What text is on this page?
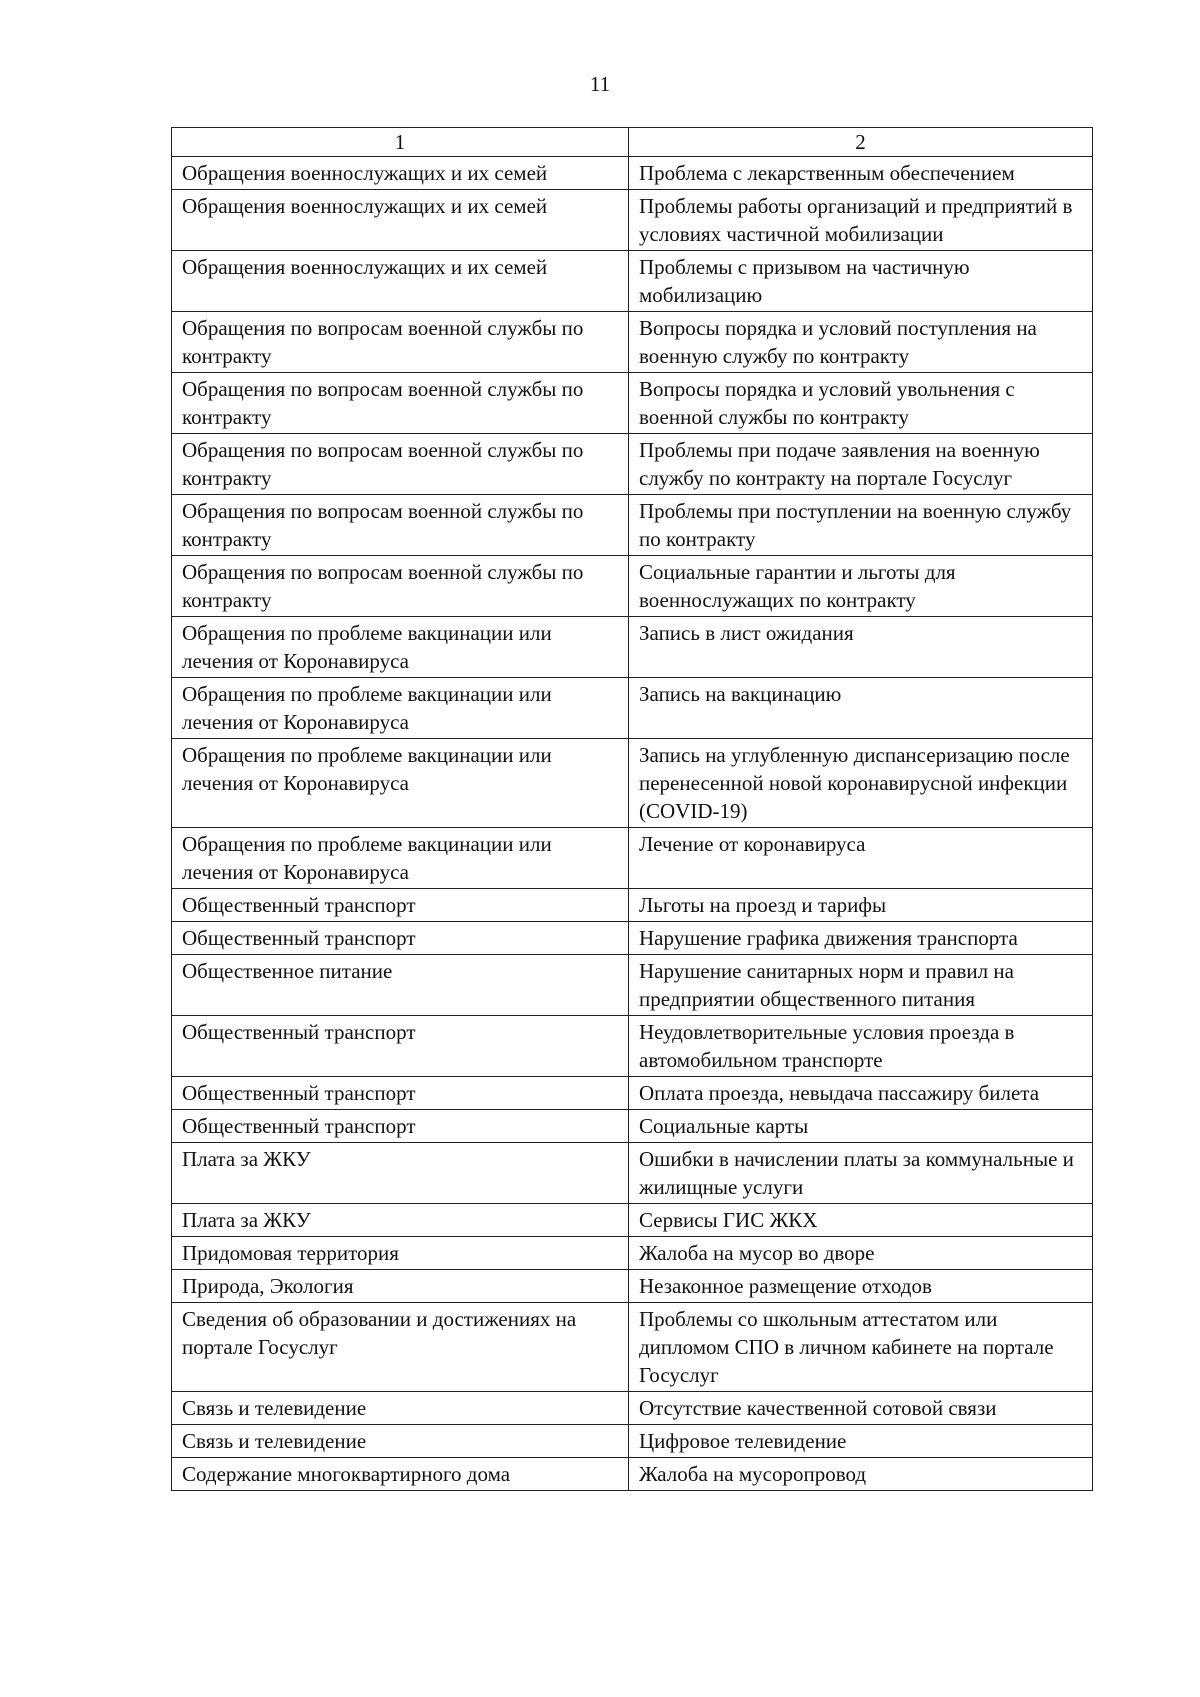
11
1	2
Обращения военнослужащих и их семей	Проблема с лекарственным обеспечением
Обращения военнослужащих и их семей	Проблемы работы организаций и предприятий в условиях частичной мобилизации
Обращения военнослужащих и их семей	Проблемы с призывом на частичную мобилизацию
Обращения по вопросам военной службы по контракту	Вопросы порядка и условий поступления на военную службу по контракту
Обращения по вопросам военной службы по контракту	Вопросы порядка и условий увольнения с военной службы по контракту
Обращения по вопросам военной службы по контракту	Проблемы при подаче заявления на военную службу по контракту на портале Госуслуг
Обращения по вопросам военной службы по контракту	Проблемы при поступлении на военную службу по контракту
Обращения по вопросам военной службы по контракту	Социальные гарантии и льготы для военнослужащих по контракту
Обращения по проблеме вакцинации или лечения от Коронавируса	Запись в лист ожидания
Обращения по проблеме вакцинации или лечения от Коронавируса	Запись на вакцинацию
Обращения по проблеме вакцинации или лечения от Коронавируса	Запись на углубленную диспансеризацию после перенесенной новой коронавирусной инфекции (COVID-19)
Обращения по проблеме вакцинации или лечения от Коронавируса	Лечение от коронавируса
Общественный транспорт	Льготы на проезд и тарифы
Общественный транспорт	Нарушение графика движения транспорта
Общественное питание	Нарушение санитарных норм и правил на предприятии общественного питания
Общественный транспорт	Неудовлетворительные условия проезда в автомобильном транспорте
Общественный транспорт	Оплата проезда, невыдача пассажиру билета
Общественный транспорт	Социальные карты
Плата за ЖКУ	Ошибки в начислении платы за коммунальные и жилищные услуги
Плата за ЖКУ	Сервисы ГИС ЖКХ
Придомовая территория	Жалоба на мусор во дворе
Природа, Экология	Незаконное размещение отходов
Сведения об образовании и достижениях на портале Госуслуг	Проблемы со школьным аттестатом или дипломом СПО в личном кабинете на портале Госуслуг
Связь и телевидение	Отсутствие качественной сотовой связи
Связь и телевидение	Цифровое телевидение
Содержание многоквартирного дома	Жалоба на мусоропровод
